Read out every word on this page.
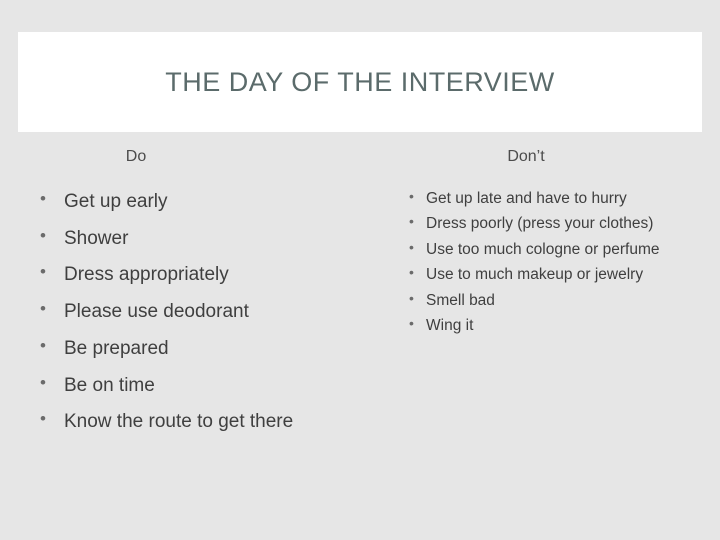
THE DAY OF THE INTERVIEW
Do
• Get up early
• Shower
• Dress appropriately
• Please use deodorant
• Be prepared
• Be on time
• Know the route to get there
Don’t
• Get up late and have to hurry
• Dress poorly (press your clothes)
• Use too much cologne or perfume
• Use to much makeup or jewelry
• Smell bad
• Wing it
